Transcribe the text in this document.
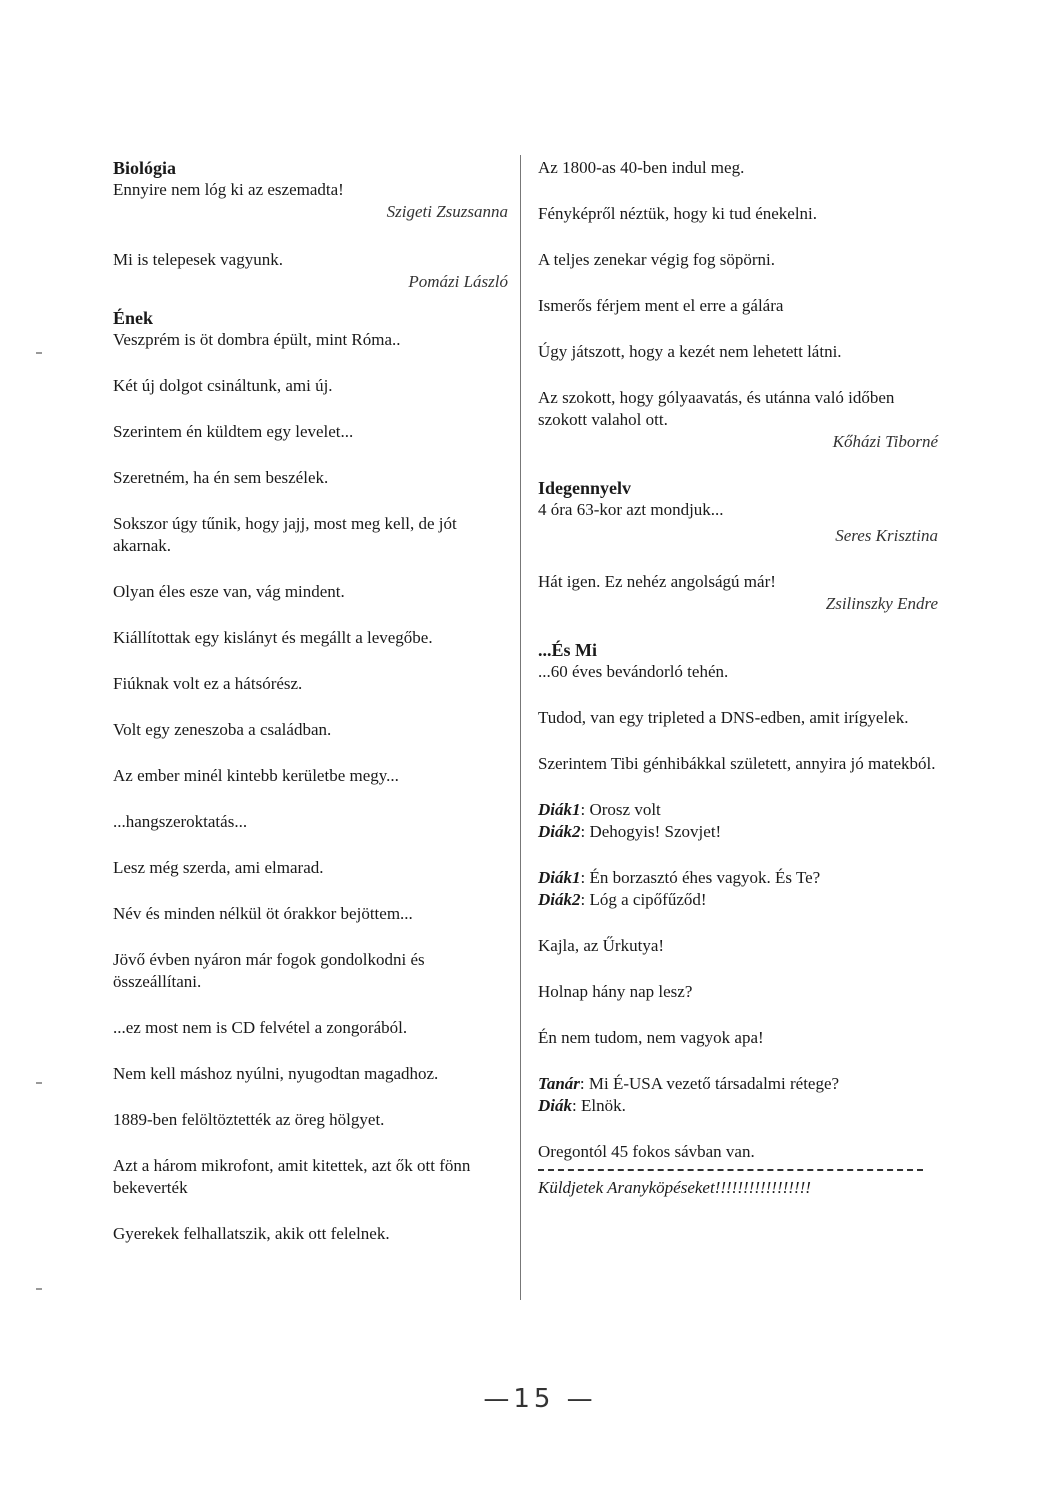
Biológia
Ennyire nem lóg ki az eszemadta!
Szigeti Zsuzsanna
Mi is telepesek vagyunk.
Pomázi László
Ének
Veszprém is öt dombra épült, mint Róma..
Két új dolgot csináltunk, ami új.
Szerintem én küldtem egy levelet...
Szeretném, ha én sem beszélek.
Sokszor úgy tűnik, hogy jajj, most meg kell, de jót akarnak.
Olyan éles esze van, vág mindent.
Kiállítottak egy kislányt és megállt a levegőbe.
Fiúknak volt ez a hátsórész.
Volt egy zeneszoba a családban.
Az ember minél kintebb kerületbe megy...
...hangszeroktatás...
Lesz még szerda, ami elmarad.
Név és minden nélkül öt órakkor bejöttem...
Jövő évben nyáron már fogok gondolkodni és összeállítani.
...ez most nem is CD felvétel a zongorából.
Nem kell máshoz nyúlni, nyugodtan magadhoz.
1889-ben felöltöztették az öreg hölgyet.
Azt a három mikrofont, amit kitettek, azt ők ott fönn bekeverték
Gyerekek felhallatszik, akik ott felelnek.
Az 1800-as 40-ben indul meg.
Fényképről néztük, hogy ki tud énekelni.
A teljes zenekar végig fog söpörni.
Ismerős férjem ment el erre a gálára
Úgy játszott, hogy a kezét nem lehetett látni.
Az szokott, hogy gólyaavatás, és utánna való időben szokott valahol ott.
Kőházi Tiborné
Idegennyelv
4 óra 63-kor azt mondjuk...
Seres Krisztina
Hát igen. Ez nehéz angolságú már!
Zsilinszky Endre
...És Mi
...60 éves bevándorló tehén.
Tudod, van egy tripleted a DNS-edben, amit irígyelek.
Szerintem Tibi génhibákkal született, annyira jó matekból.
Diák1: Orosz volt
Diák2: Dehogyis! Szovjet!
Diák1: Én borzasztó éhes vagyok. És Te?
Diák2: Lóg a cipőfűződ!
Kajla, az Űrkutya!
Holnap hány nap lesz?
Én nem tudom, nem vagyok apa!
Tanár: Mi É-USA vezető társadalmi rétege?
Diák: Elnök.
Oregontól 45 fokos sávban van.
Küldjetek Aranyköpéseket!!!!!!!!!!!!!!!!!
—15 —
